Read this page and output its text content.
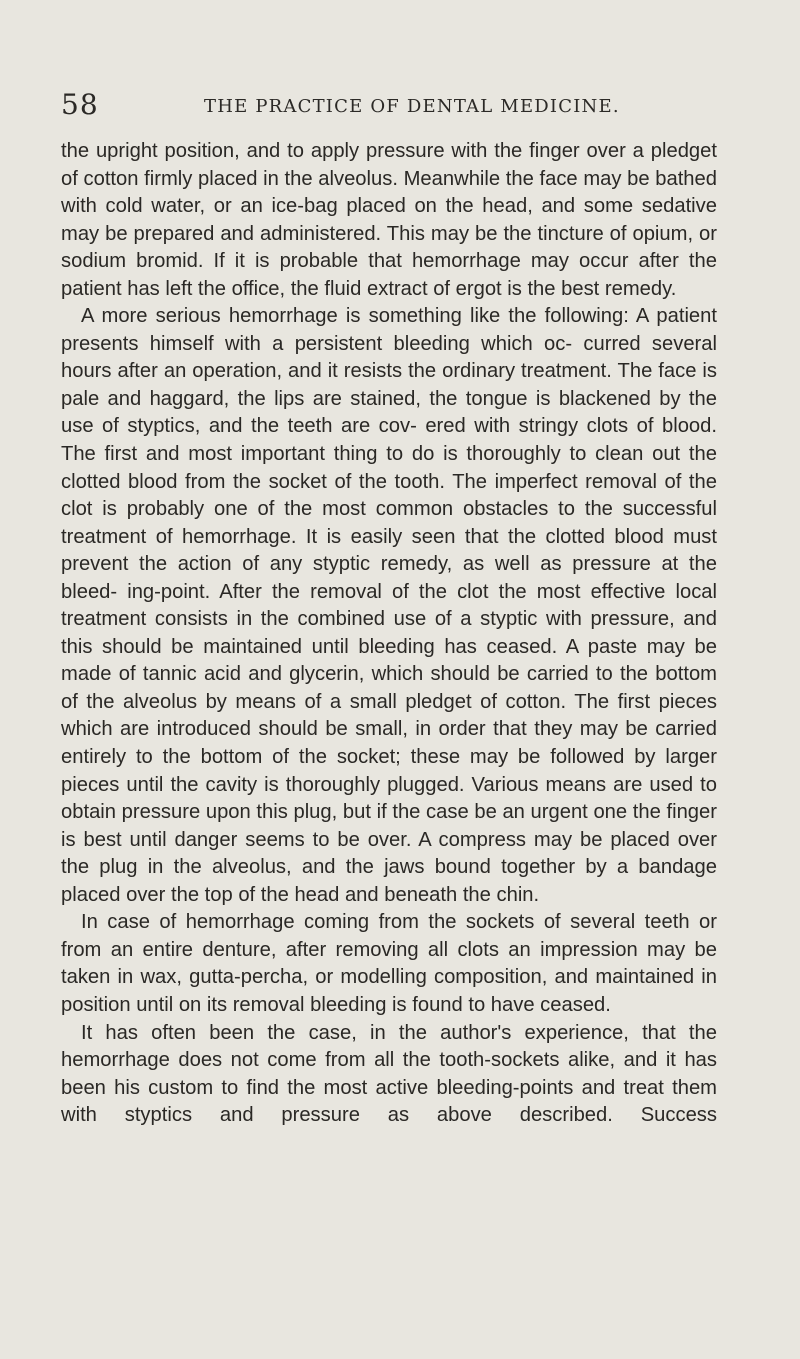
58	THE PRACTICE OF DENTAL MEDICINE.

the upright position, and to apply pressure with the finger over a pledget of cotton firmly placed in the alveolus. Meanwhile the face may be bathed with cold water, or an ice-bag placed on the head, and some sedative may be prepared and administered. This may be the tincture of opium, or sodium bromid. If it is probable that hemorrhage may occur after the patient has left the office, the fluid extract of ergot is the best remedy.

A more serious hemorrhage is something like the following: A patient presents himself with a persistent bleeding which oc- curred several hours after an operation, and it resists the ordinary treatment. The face is pale and haggard, the lips are stained, the tongue is blackened by the use of styptics, and the teeth are cov- ered with stringy clots of blood. The first and most important thing to do is thoroughly to clean out the clotted blood from the socket of the tooth. The imperfect removal of the clot is probably one of the most common obstacles to the successful treatment of hemorrhage. It is easily seen that the clotted blood must prevent the action of any styptic remedy, as well as pressure at the bleed- ing-point. After the removal of the clot the most effective local treatment consists in the combined use of a styptic with pressure, and this should be maintained until bleeding has ceased. A paste may be made of tannic acid and glycerin, which should be carried to the bottom of the alveolus by means of a small pledget of cotton. The first pieces which are introduced should be small, in order that they may be carried entirely to the bottom of the socket; these may be followed by larger pieces until the cavity is thoroughly plugged. Various means are used to obtain pressure upon this plug, but if the case be an urgent one the finger is best until danger seems to be over. A compress may be placed over the plug in the alveolus, and the jaws bound together by a bandage placed over the top of the head and beneath the chin.

In case of hemorrhage coming from the sockets of several teeth or from an entire denture, after removing all clots an impression may be taken in wax, gutta-percha, or modelling composition, and maintained in position until on its removal bleeding is found to have ceased.

It has often been the case, in the author's experience, that the hemorrhage does not come from all the tooth-sockets alike, and it has been his custom to find the most active bleeding-points and treat them with styptics and pressure as above described. Success
